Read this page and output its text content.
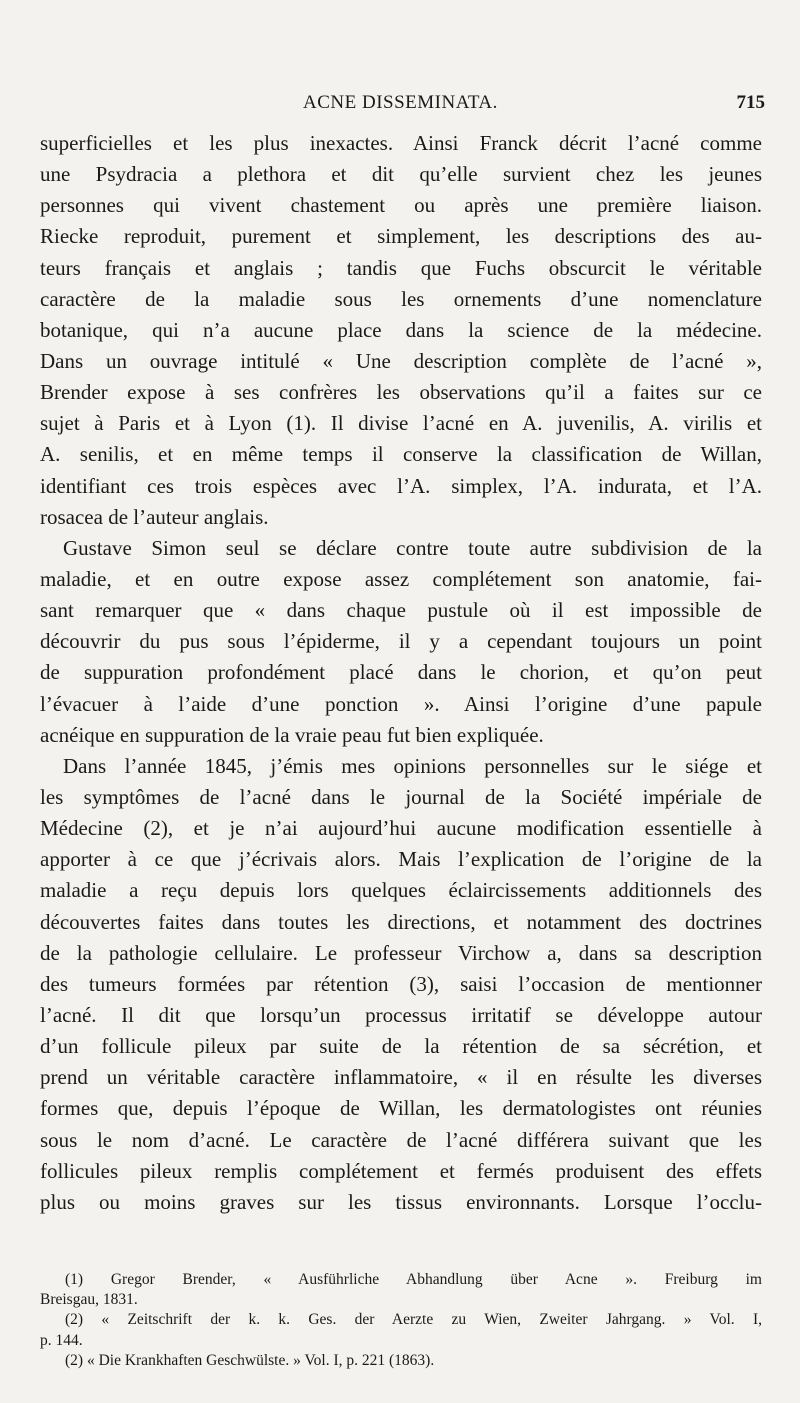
ACNE DISSEMINATA.	715
superficielles et les plus inexactes. Ainsi Franck décrit l’acné comme
une Psydracia a plethora et dit qu’elle survient chez les jeunes
personnes qui vivent chastement ou après une première liaison.
Riecke reproduit, purement et simplement, les descriptions des au-
teurs français et anglais ; tandis que Fuchs obscurcit le véritable
caractère de la maladie sous les ornements d’une nomenclature
botanique, qui n’a aucune place dans la science de la médecine.
Dans un ouvrage intitulé « Une description complète de l’acné »,
Brender expose à ses confrères les observations qu’il a faites sur ce
sujet à Paris et à Lyon (1). Il divise l’acné en A. juvenilis, A. virilis et
A. senilis, et en même temps il conserve la classification de Willan,
identifiant ces trois espèces avec l’A. simplex, l’A. indurata, et l’A.
rosacea de l’auteur anglais.
Gustave Simon seul se déclare contre toute autre subdivision de la
maladie, et en outre expose assez complétement son anatomie, fai-
sant remarquer que « dans chaque pustule où il est impossible de
découvrir du pus sous l’épiderme, il y a cependant toujours un point
de suppuration profondément placé dans le chorion, et qu’on peut
l’évacuer à l’aide d’une ponction ». Ainsi l’origine d’une papule
acnéique en suppuration de la vraie peau fut bien expliquée.
Dans l’année 1845, j’émis mes opinions personnelles sur le siége et
les symptômes de l’acné dans le journal de la Société impériale de
Médecine (2), et je n’ai aujourd’hui aucune modification essentielle à
apporter à ce que j’écrivais alors. Mais l’explication de l’origine de la
maladie a reçu depuis lors quelques éclaircissements additionnels des
découvertes faites dans toutes les directions, et notamment des doctrines
de la pathologie cellulaire. Le professeur Virchow a, dans sa description
des tumeurs formées par rétention (3), saisi l’occasion de mentionner
l’acné. Il dit que lorsqu’un processus irritatif se développe autour
d’un follicule pileux par suite de la rétention de sa sécrétion, et
prend un véritable caractère inflammatoire, « il en résulte les diverses
formes que, depuis l’époque de Willan, les dermatologistes ont réunies
sous le nom d’acné. Le caractère de l’acné différera suivant que les
follicules pileux remplis complétement et fermés produisent des effets
plus ou moins graves sur les tissus environnants. Lorsque l’occlu-
(1) Gregor Brender, « Ausführliche Abhandlung über Acne ». Freiburg im
Breisgau, 1831.
(2) « Zeitschrift der k. k. Ges. der Aerzte zu Wien, Zweiter Jahrgang. » Vol. I,
p. 144.
(2) « Die Krankhaften Geschwülste. » Vol. I, p. 221 (1863).
